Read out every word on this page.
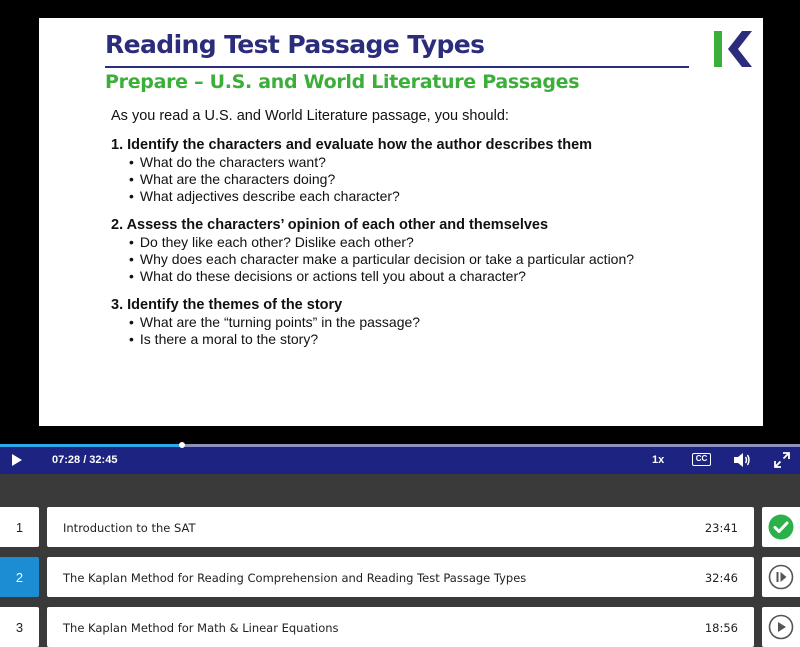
Reading Test Passage Types
Prepare – U.S. and World Literature Passages
As you read a U.S. and World Literature passage, you should:
1. Identify the characters and evaluate how the author describes them
• What do the characters want?
• What are the characters doing?
• What adjectives describe each character?
2. Assess the characters’ opinion of each other and themselves
• Do they like each other? Dislike each other?
• Why does each character make a particular decision or take a particular action?
• What do these decisions or actions tell you about a character?
3. Identify the themes of the story
• What are the “turning points” in the passage?
• Is there a moral to the story?
07:28 / 32:45	1x	CC
1	Introduction to the SAT	23:41
2	The Kaplan Method for Reading Comprehension and Reading Test Passage Types	32:46
3	The Kaplan Method for Math & Linear Equations	18:56
